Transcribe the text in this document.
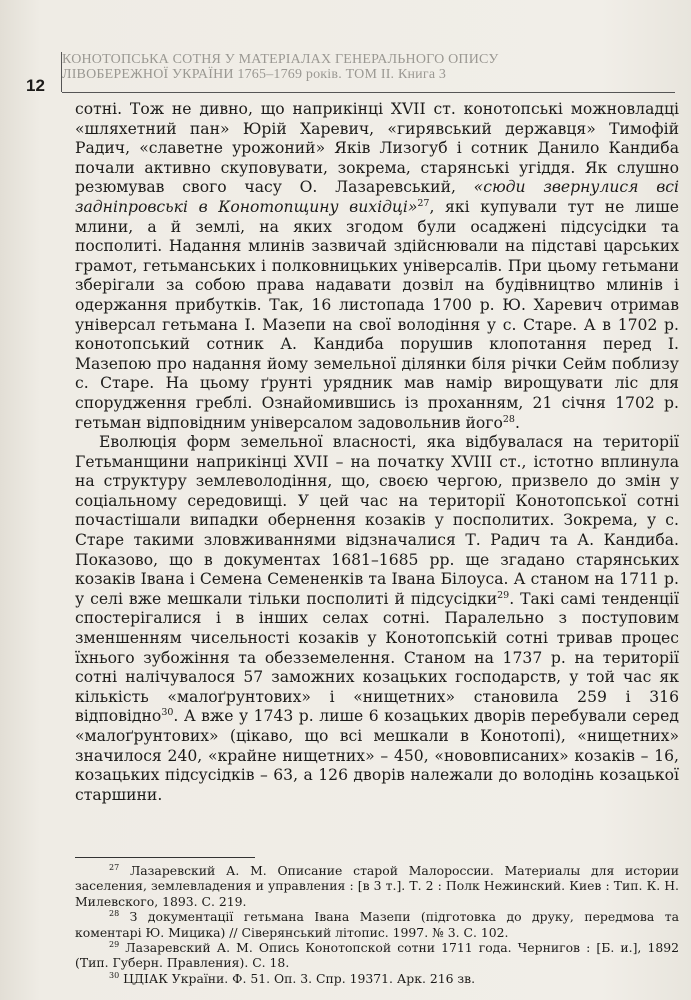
КОНОТОПСЬКА СОТНЯ У МАТЕРІАЛАХ ГЕНЕРАЛЬНОГО ОПИСУ
ЛІВОБЕРЕЖНОЇ УКРАЇНИ 1765–1769 років. ТОМ ІІ. Книга 3
12

сотні. Тож не дивно, що наприкінці XVII ст. конотопські можновладці «шляхетний пан» Юрій Харевич, «гирявський державця» Тимофій Радич, «славетне урожоний» Яків Лизогуб і сотник Данило Кандиба почали активно скуповувати, зокрема, старянські угіддя. Як слушно резюмував свого часу О. Лазаревський, «сюди звернулися всі задніпровські в Конотопщину вихідці»$^{27}$, які купували тут не лише млини, а й землі, на яких згодом були осаджені підсусідки та посполиті. Надання млинів зазвичай здійснювали на підставі царських грамот, гетьманських і полковницьких універсалів. При цьому гетьмани зберігали за собою права надавати дозвіл на будівництво млинів і одержання прибутків. Так, 16 листопада 1700 р. Ю. Харевич отримав універсал гетьмана І. Мазепи на свої володіння у с. Старе. А в 1702 р. конотопський сотник А. Кандиба порушив клопотання перед І. Мазепою про надання йому земельної ділянки біля річки Сейм поблизу с. Старе. На цьому ґрунті урядник мав намір вирощувати ліс для спорудження греблі. Ознайомившись із проханням, 21 січня 1702 р. гетьман відповідним універсалом задовольнив його$^{28}$.

Еволюція форм земельної власності, яка відбувалася на території Гетьманщини наприкінці XVII – на початку XVIII ст., істотно вплинула на структуру землеволодіння, що, своєю чергою, призвело до змін у соціальному середовищі. У цей час на території Конотопської сотні почастішали випадки обернення козаків у посполитих. Зокрема, у с. Старе такими зловживаннями відзначалися Т. Радич та А. Кандиба. Показово, що в документах 1681–1685 рр. ще згадано старянських козаків Івана і Семена Семененків та Івана Білоуса. А станом на 1711 р. у селі вже мешкали тільки посполиті й підсусідки$^{29}$. Такі самі тенденції спостерігалися і в інших селах сотні. Паралельно з поступовим зменшенням чисельності козаків у Конотопській сотні тривав процес їхнього зубожіння та обезземелення. Станом на 1737 р. на території сотні налічувалося 57 заможних козацьких господарств, у той час як кількість «малоґрунтових» і «нищетних» становила 259 і 316 відповідно$^{30}$. А вже у 1743 р. лише 6 козацьких дворів перебували серед «малоґрунтових» (цікаво, що всі мешкали в Конотопі), «нищетних» значилося 240, «крайне нищетних» – 450, «нововписаних» козаків – 16, козацьких підсусідків – 63, а 126 дворів належали до володінь козацької старшини.

$^{27}$ Лазаревский А. М. Описание старой Малороссии. Материалы для истории заселения, землевладения и управления : [в 3 т.]. Т. 2 : Полк Нежинский. Киев : Тип. К. Н. Милевского, 1893. С. 219.

$^{28}$ З документації гетьмана Івана Мазепи (підготовка до друку, передмова та коментарі Ю. Мицика) // Сіверянський літопис. 1997. № 3. С. 102.

$^{29}$ Лазаревский А. М. Опись Конотопской сотни 1711 года. Чернигов : [Б. и.], 1892 (Тип. Губерн. Правления). С. 18.

$^{30}$ ЦДІАК України. Ф. 51. Оп. 3. Спр. 19371. Арк. 216 зв.
